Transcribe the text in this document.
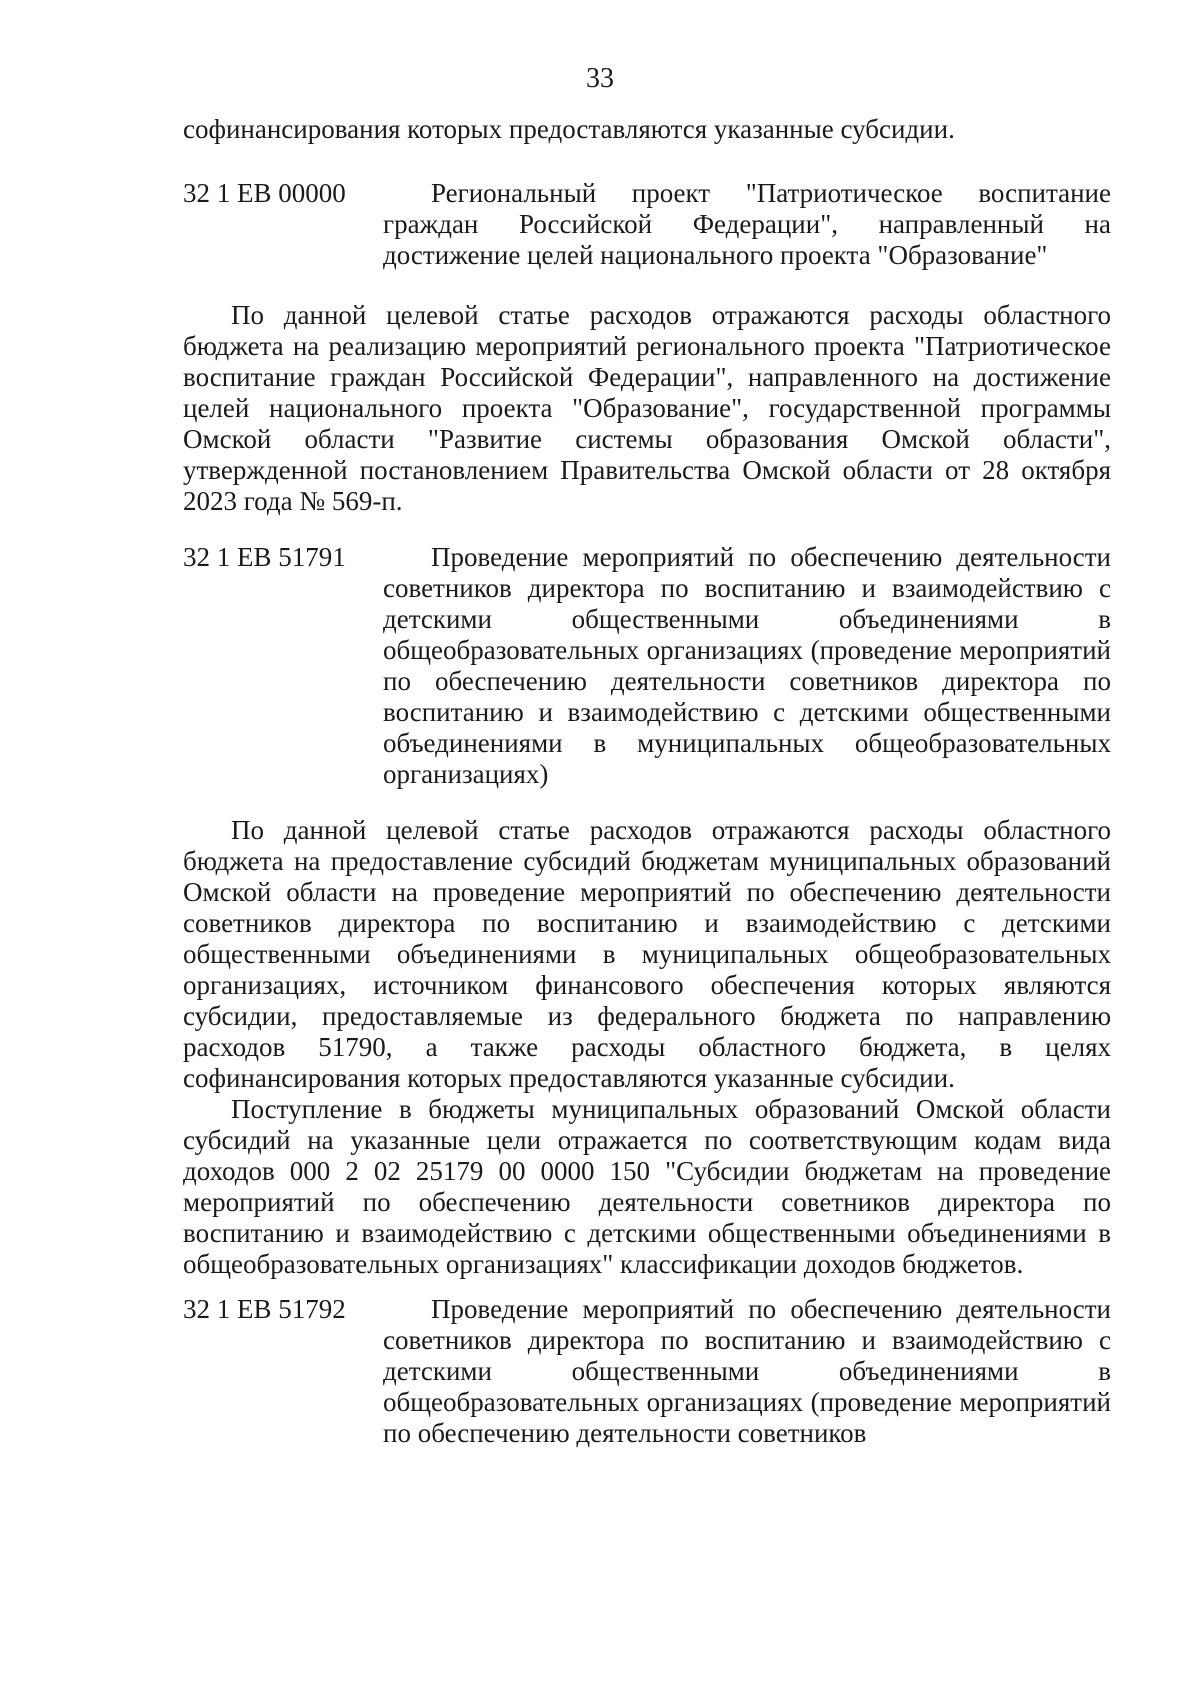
33

софинансирования которых предоставляются указанные субсидии.

32 1 ЕВ 00000	Региональный проект "Патриотическое воспитание граждан Российской Федерации", направленный на достижение целей национального проекта "Образование"

По данной целевой статье расходов отражаются расходы областного бюджета на реализацию мероприятий регионального проекта "Патриотическое воспитание граждан Российской Федерации", направленного на достижение целей национального проекта "Образование", государственной программы Омской области "Развитие системы образования Омской области", утвержденной постановлением Правительства Омской области от 28 октября 2023 года № 569-п.

32 1 ЕВ 51791	Проведение мероприятий по обеспечению деятельности советников директора по воспитанию и взаимодействию с детскими общественными объединениями в общеобразовательных организациях (проведение мероприятий по обеспечению деятельности советников директора по воспитанию и взаимодействию с детскими общественными объединениями в муниципальных общеобразовательных организациях)

По данной целевой статье расходов отражаются расходы областного бюджета на предоставление субсидий бюджетам муниципальных образований Омской области на проведение мероприятий по обеспечению деятельности советников директора по воспитанию и взаимодействию с детскими общественными объединениями в муниципальных общеобразовательных организациях, источником финансового обеспечения которых являются субсидии, предоставляемые из федерального бюджета по направлению расходов 51790, а также расходы областного бюджета, в целях софинансирования которых предоставляются указанные субсидии.

Поступление в бюджеты муниципальных образований Омской области субсидий на указанные цели отражается по соответствующим кодам вида доходов 000 2 02 25179 00 0000 150 "Субсидии бюджетам на проведение мероприятий по обеспечению деятельности советников директора по воспитанию и взаимодействию с детскими общественными объединениями в общеобразовательных организациях" классификации доходов бюджетов.

32 1 ЕВ 51792	Проведение мероприятий по обеспечению деятельности советников директора по воспитанию и взаимодействию с детскими общественными объединениями в общеобразовательных организациях (проведение мероприятий по обеспечению деятельности советников
